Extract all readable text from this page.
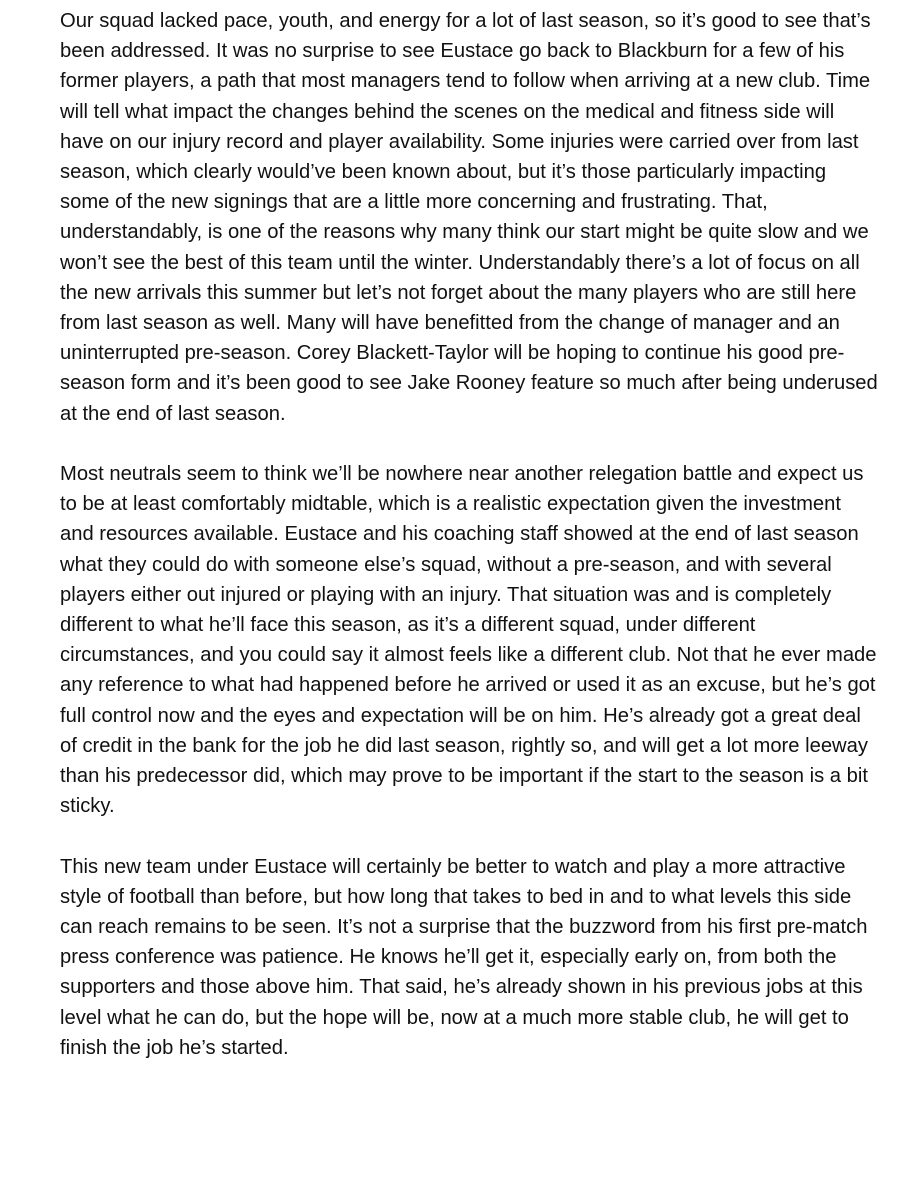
Our squad lacked pace, youth, and energy for a lot of last season, so it’s good to see that’s been addressed. It was no surprise to see Eustace go back to Blackburn for a few of his former players, a path that most managers tend to follow when arriving at a new club. Time will tell what impact the changes behind the scenes on the medical and fitness side will have on our injury record and player availability. Some injuries were carried over from last season, which clearly would’ve been known about, but it’s those particularly impacting some of the new signings that are a little more concerning and frustrating. That, understandably, is one of the reasons why many think our start might be quite slow and we won’t see the best of this team until the winter. Understandably there’s a lot of focus on all the new arrivals this summer but let’s not forget about the many players who are still here from last season as well. Many will have benefitted from the change of manager and an uninterrupted pre-season. Corey Blackett-Taylor will be hoping to continue his good pre-season form and it’s been good to see Jake Rooney feature so much after being underused at the end of last season.

Most neutrals seem to think we’ll be nowhere near another relegation battle and expect us to be at least comfortably midtable, which is a realistic expectation given the investment and resources available. Eustace and his coaching staff showed at the end of last season what they could do with someone else’s squad, without a pre-season, and with several players either out injured or playing with an injury. That situation was and is completely different to what he’ll face this season, as it’s a different squad, under different circumstances, and you could say it almost feels like a different club. Not that he ever made any reference to what had happened before he arrived or used it as an excuse, but he’s got full control now and the eyes and expectation will be on him. He’s already got a great deal of credit in the bank for the job he did last season, rightly so, and will get a lot more leeway than his predecessor did, which may prove to be important if the start to the season is a bit sticky.

This new team under Eustace will certainly be better to watch and play a more attractive style of football than before, but how long that takes to bed in and to what levels this side can reach remains to be seen. It’s not a surprise that the buzzword from his first pre-match press conference was patience. He knows he’ll get it, especially early on, from both the supporters and those above him. That said, he’s already shown in his previous jobs at this level what he can do, but the hope will be, now at a much more stable club, he will get to finish the job he’s started.
